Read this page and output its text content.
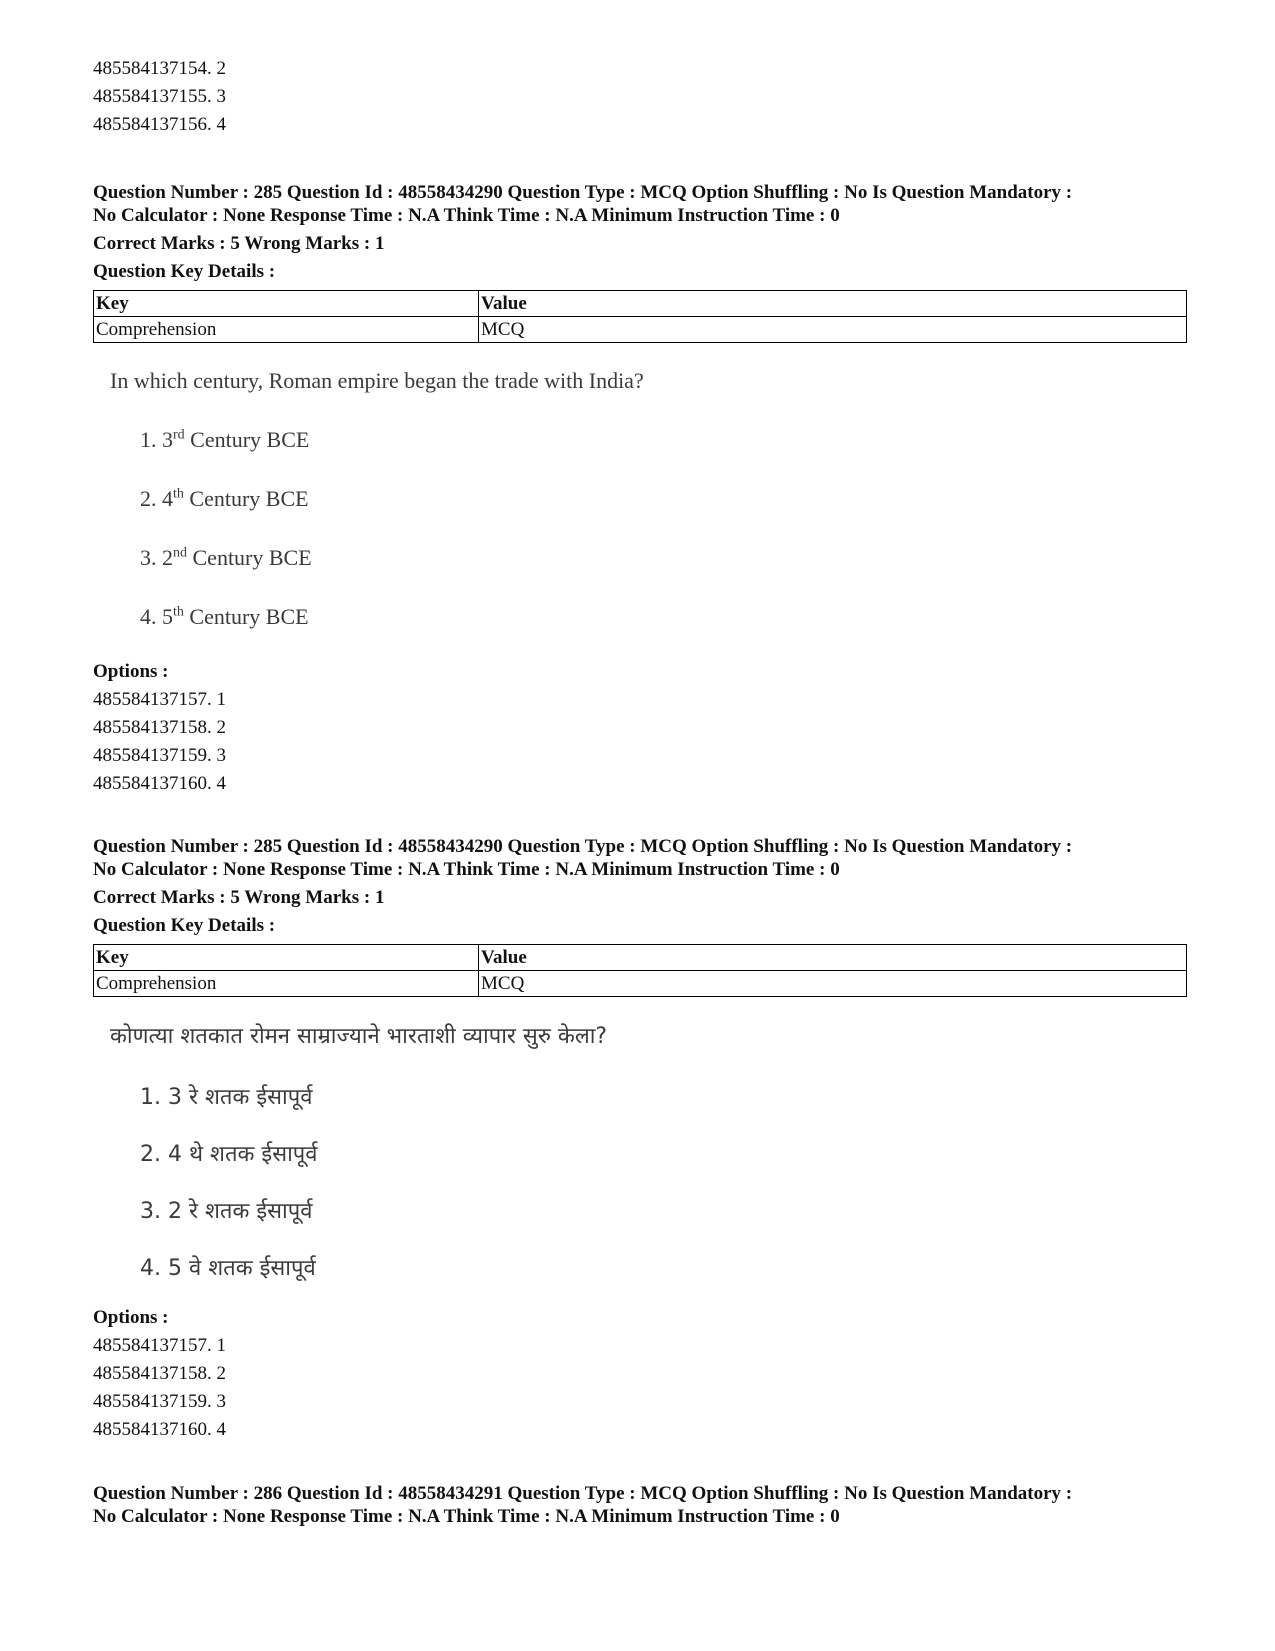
485584137154. 2
485584137155. 3
485584137156. 4
Question Number : 285 Question Id : 48558434290 Question Type : MCQ Option Shuffling : No Is Question Mandatory :
No Calculator : None Response Time : N.A Think Time : N.A Minimum Instruction Time : 0
Correct Marks : 5 Wrong Marks : 1
Question Key Details :
Key	Value
Comprehension	MCQ
In which century, Roman empire began the trade with India?
1. 3rd Century BCE
2. 4th Century BCE
3. 2nd Century BCE
4. 5th Century BCE
Options :
485584137157. 1
485584137158. 2
485584137159. 3
485584137160. 4
Question Number : 285 Question Id : 48558434290 Question Type : MCQ Option Shuffling : No Is Question Mandatory :
No Calculator : None Response Time : N.A Think Time : N.A Minimum Instruction Time : 0
Correct Marks : 5 Wrong Marks : 1
Question Key Details :
Key	Value
Comprehension	MCQ
कोणत्या शतकात रोमन साम्राज्याने भारताशी व्यापार सुरु केला?
1. 3 रे शतक ईसापूर्व
2. 4 थे शतक ईसापूर्व
3. 2 रे शतक ईसापूर्व
4. 5 वे शतक ईसापूर्व
Options :
485584137157. 1
485584137158. 2
485584137159. 3
485584137160. 4
Question Number : 286 Question Id : 48558434291 Question Type : MCQ Option Shuffling : No Is Question Mandatory :
No Calculator : None Response Time : N.A Think Time : N.A Minimum Instruction Time : 0
